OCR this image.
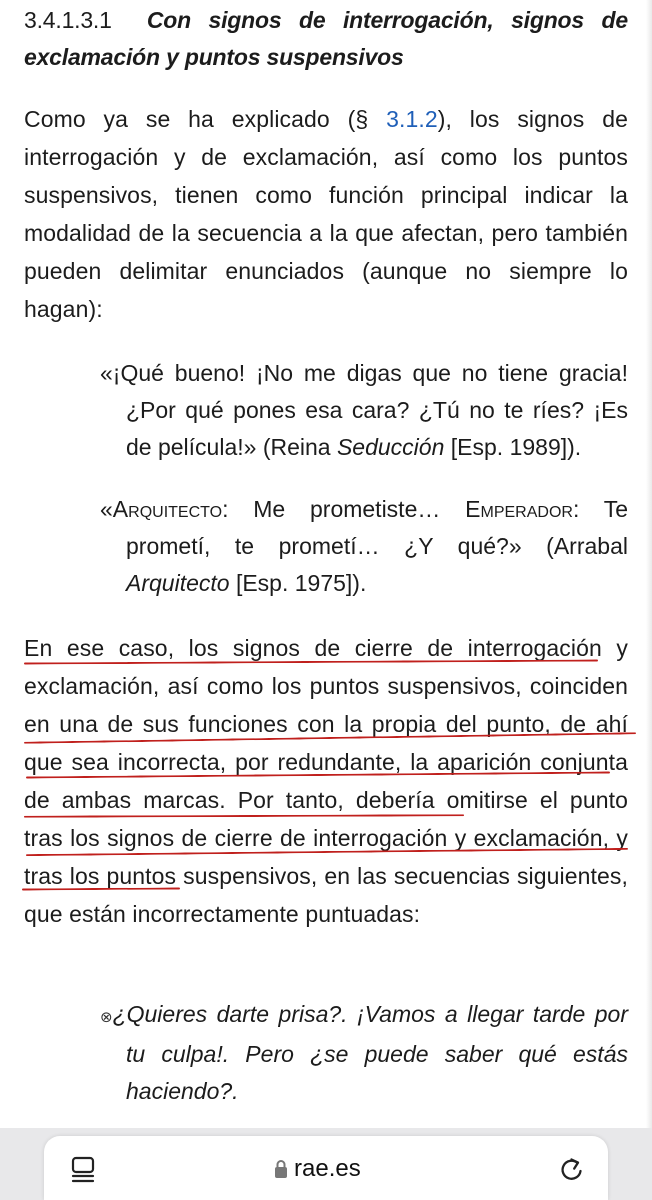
3.4.1.3.1 Con signos de interrogación, signos de exclamación y puntos suspensivos

Como ya se ha explicado (§ 3.1.2), los signos de interrogación y de exclamación, así como los puntos suspensivos, tienen como función principal indicar la modalidad de la secuencia a la que afectan, pero también pueden delimitar enunciados (aunque no siempre lo hagan):

«¡Qué bueno! ¡No me digas que no tiene gracia! ¿Por qué pones esa cara? ¿Tú no te ríes? ¡Es de película!» (Reina Seducción [Esp. 1989]).

«Arquitecto: Me prometiste… Emperador: Te prometí, te prometí… ¿Y qué?» (Arrabal Arquitecto [Esp. 1975]).

En ese caso, los signos de cierre de interrogación y exclamación, así como los puntos suspensivos, coinciden en una de sus funciones con la propia del punto, de ahí que sea incorrecta, por redundante, la aparición conjunta de ambas marcas. Por tanto, debería omitirse el punto tras los signos de cierre de interrogación y exclamación, y tras los puntos suspensivos, en las secuencias siguientes, que están incorrectamente puntuadas:

⊗¿Quieres darte prisa?. ¡Vamos a llegar tarde por tu culpa!. Pero ¿se puede saber qué estás haciendo?.

rae.es
